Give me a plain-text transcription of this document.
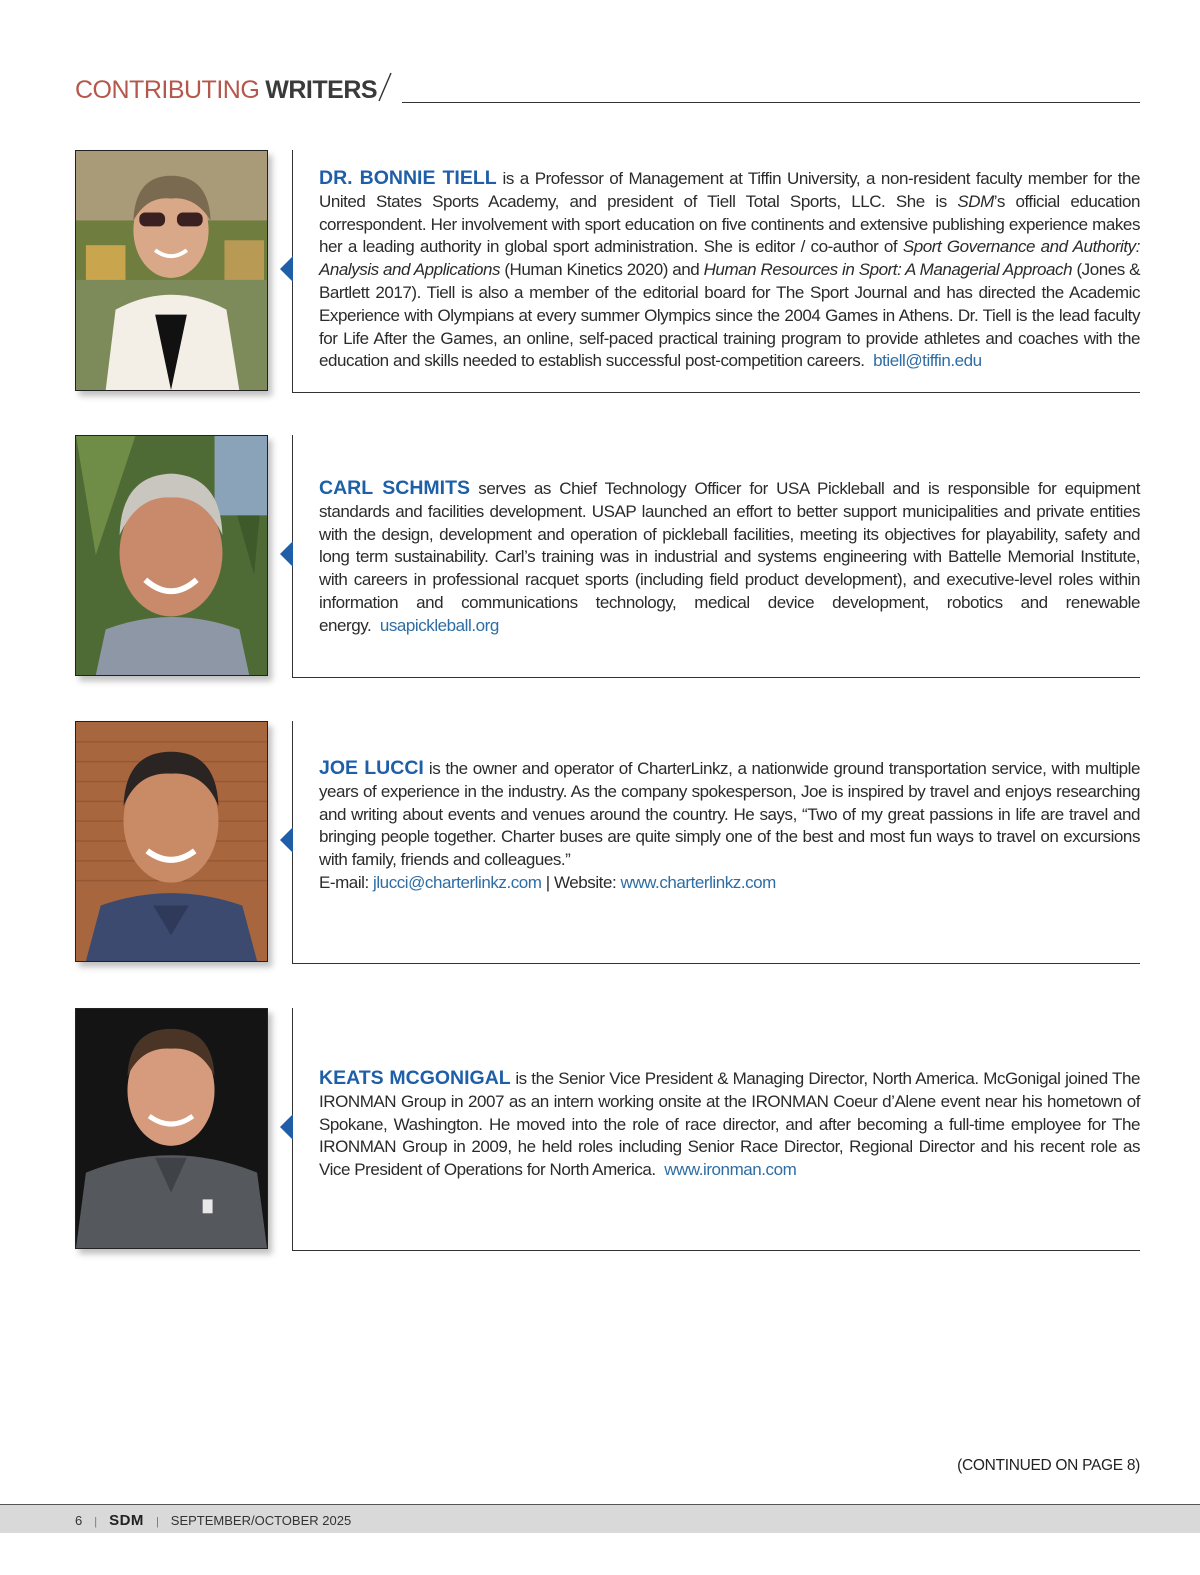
CONTRIBUTING WRITERS
DR. BONNIE TIELL is a Professor of Management at Tiffin University, a non-resident faculty member for the United States Sports Academy, and president of Tiell Total Sports, LLC. She is SDM’s official education correspondent. Her involvement with sport education on five continents and extensive publishing experience makes her a leading authority in global sport administration. She is editor / co-author of Sport Governance and Authority: Analysis and Applications (Human Kinetics 2020) and Human Resources in Sport: A Managerial Approach (Jones & Bartlett 2017). Tiell is also a member of the editorial board for The Sport Journal and has directed the Academic Experience with Olympians at every summer Olympics since the 2004 Games in Athens. Dr. Tiell is the lead faculty for Life After the Games, an online, self-paced practical training program to provide athletes and coaches with the education and skills needed to establish successful post-competition careers. btiell@tiffin.edu
CARL SCHMITS serves as Chief Technology Officer for USA Pickleball and is responsible for equipment standards and facilities development. USAP launched an effort to better support municipalities and private entities with the design, development and operation of pickleball facilities, meeting its objectives for playability, safety and long term sustainability. Carl’s training was in industrial and systems engineering with Battelle Memorial Institute, with careers in professional racquet sports (including field product development), and executive-level roles within information and communications technology, medical device development, robotics and renewable energy. usapickleball.org
JOE LUCCI is the owner and operator of CharterLinkz, a nationwide ground transportation service, with multiple years of experience in the industry. As the company spokesperson, Joe is inspired by travel and enjoys researching and writing about events and venues around the country. He says, “Two of my great passions in life are travel and bringing people together. Charter buses are quite simply one of the best and most fun ways to travel on excursions with family, friends and colleagues.”
E-mail: jlucci@charterlinkz.com | Website: www.charterlinkz.com
KEATS MCGONIGAL is the Senior Vice President & Managing Director, North America. McGonigal joined The IRONMAN Group in 2007 as an intern working onsite at the IRONMAN Coeur d’Alene event near his hometown of Spokane, Washington. He moved into the role of race director, and after becoming a full-time employee for The IRONMAN Group in 2009, he held roles including Senior Race Director, Regional Director and his recent role as Vice President of Operations for North America. www.ironman.com
(CONTINUED ON PAGE 8)
6 | SDM | SEPTEMBER/OCTOBER 2025
